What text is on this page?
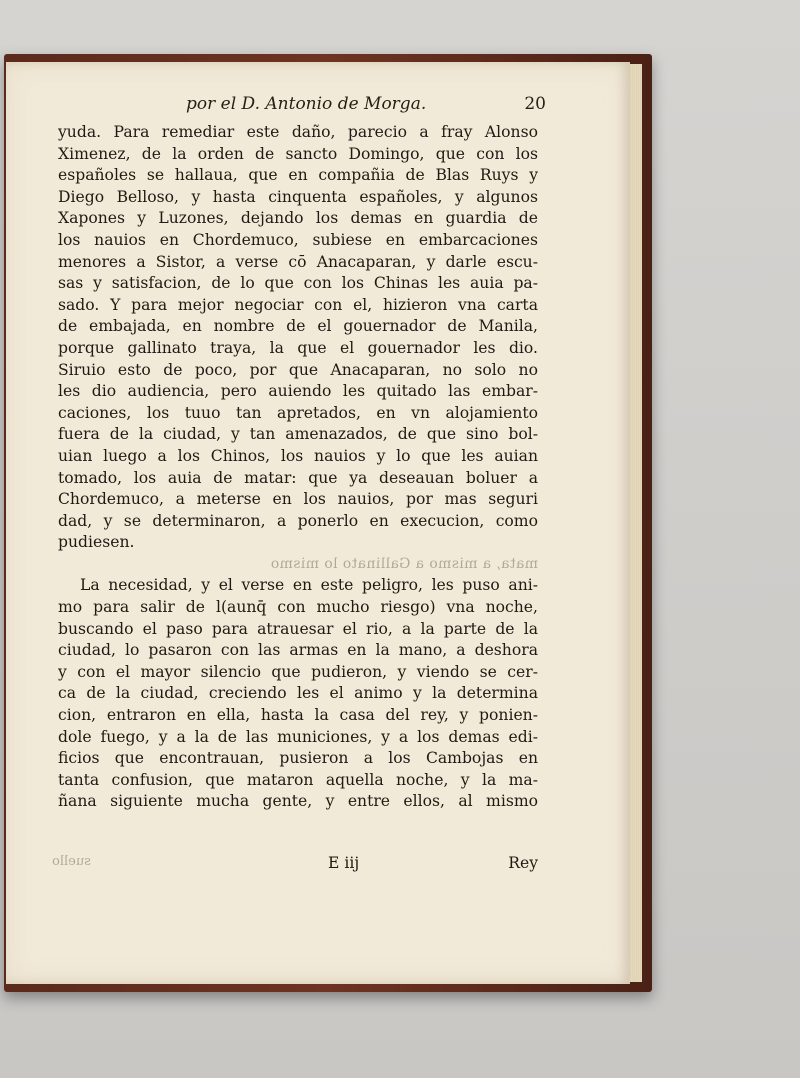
por el D. Antonio de Morga.	20
yuda. Para remediar este daño, parecio a fray Alonso
Ximenez, de la orden de sancto Domingo, que con los
españoles se hallaua, que en compañia de Blas Ruys y
Diego Belloso, y hasta cinquenta españoles, y algunos
Xapones y Luzones, dejando los demas en guardia de
los nauios en Chordemuco, subiese en embarcaciones
menores a Sistor, a verse cō Anacaparan, y darle escu-
sas y satisfacion, de lo que con los Chinas les auia pa-
sado. Y para mejor negociar con el, hizieron vna carta
de embajada, en nombre de el gouernador de Manila,
porque gallinato traya, la que el gouernador les dio.
Siruio esto de poco, por que Anacaparan, no solo no
les dio audiencia, pero auiendo les quitado las embar-
caciones, los tuuo tan apretados, en vn alojamiento
fuera de la ciudad, y tan amenazados, de que sino bol-
uian luego a los Chinos, los nauios y lo que les auian
tomado, los auia de matar: que ya deseauan boluer a
Chordemuco, a meterse en los nauios, por mas seguri
dad, y se determinaron, a ponerlo en execucion, como
pudiesen.
mata, a mismo a Gallinato lo mismo
La necesidad, y el verse en este peligro, les puso ani-
mo para salir de l(aunq̄ con mucho riesgo) vna noche,
buscando el paso para atrauesar el rio, a la parte de la
ciudad, lo pasaron con las armas en la mano, a deshora
y con el mayor silencio que pudieron, y viendo se cer-
ca de la ciudad, creciendo les el animo y la determina
cion, entraron en ella, hasta la casa del rey, y ponien-
dole fuego, y a la de las municiones, y a los demas edi-
ficios que encontrauan, pusieron a los Cambojas en
tanta confusion, que mataron aquella noche, y la ma-
ñana siguiente mucha gente, y entre ellos, al mismo
suello	E iij	Rey
